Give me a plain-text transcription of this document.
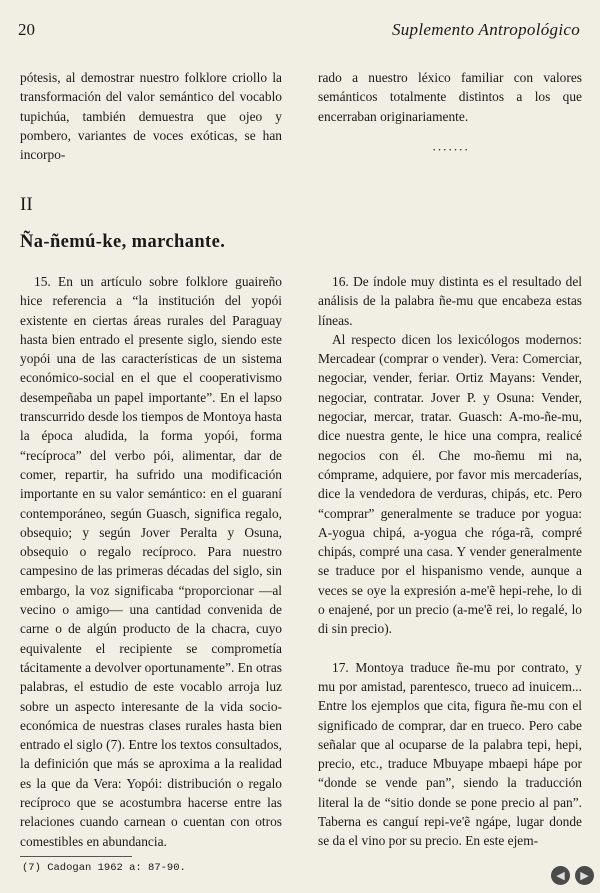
20	Suplemento Antropológico

pótesis, al demostrar nuestro folklore criollo la transformación del valor semántico del vocablo tupichúa, también demuestra que ojeo y pombero, variantes de voces exóticas, se han incorpo-

rado a nuestro léxico familiar con valores semánticos totalmente distintos a los que encerraban originariamente.

·······
II
Ña-ñemú-ke, marchante.

15. En un artículo sobre folklore guaireño hice referencia a “la institución del yopói existente en ciertas áreas rurales del Paraguay hasta bien entrado el presente siglo, siendo este yopói una de las características de un sistema económico-social en el que el cooperativismo desempeñaba un papel importante”. En el lapso transcurrido desde los tiempos de Montoya hasta la época aludida, la forma yopói, forma “recíproca” del verbo pói, alimentar, dar de comer, repartir, ha sufrido una modificación importante en su valor semántico: en el guaraní contemporáneo, según Guasch, significa regalo, obsequio; y según Jover Peralta y Osuna, obsequio o regalo recíproco. Para nuestro campesino de las primeras décadas del siglo, sin embargo, la voz significaba “proporcionar —al vecino o amigo— una cantidad convenida de carne o de algún producto de la chacra, cuyo equivalente el recipiente se comprometía tácitamente a devolver oportunamente”. En otras palabras, el estudio de este vocablo arroja luz sobre un aspecto interesante de la vida socio-económica de nuestras clases rurales hasta bien entrado el siglo (7). Entre los textos consultados, la definición que más se aproxima a la realidad es la que da Vera: Yopói: distribución o regalo recíproco que se acostumbra hacerse entre las relaciones cuando carnean o cuentan con otros comestibles en abundancia.

16. De índole muy distinta es el resultado del análisis de la palabra ñe-mu que encabeza estas líneas.

Al respecto dicen los lexicólogos modernos: Mercadear (comprar o vender). Vera: Comerciar, negociar, vender, feriar. Ortiz Mayans: Vender, negociar, contratar. Jover P. y Osuna: Vender, negociar, mercar, tratar. Guasch: A-mo-ñe-mu, dice nuestra gente, le hice una compra, realicé negocios con él. Che mo-ñemu mi na, cómprame, adquiere, por favor mis mercaderías, dice la vendedora de verduras, chipás, etc. Pero “comprar” generalmente se traduce por yogua: A-yogua chipá, a-yogua che róga-rã, compré chipás, compré una casa. Y vender generalmente se traduce por el hispanismo vende, aunque a veces se oye la expresión a-me'ẽ hepi-rehe, lo di o enajené, por un precio (a-me'ẽ rei, lo regalé, lo di sin precio).

17. Montoya traduce ñe-mu por contrato, y mu por amistad, parentesco, trueco ad inuicem... Entre los ejemplos que cita, figura ñe-mu con el significado de comprar, dar en trueco. Pero cabe señalar que al ocuparse de la palabra tepi, hepi, precio, etc., traduce Mbuyape mbaepi hápe por “donde se vende pan”, siendo la traducción literal la de “sitio donde se pone precio al pan”. Taberna es canguí repi-ve'ẽ ngápe, lugar donde se da el vino por su precio. En este ejem-

(7) Cadogan 1962 a: 87-90.
◀	▶
